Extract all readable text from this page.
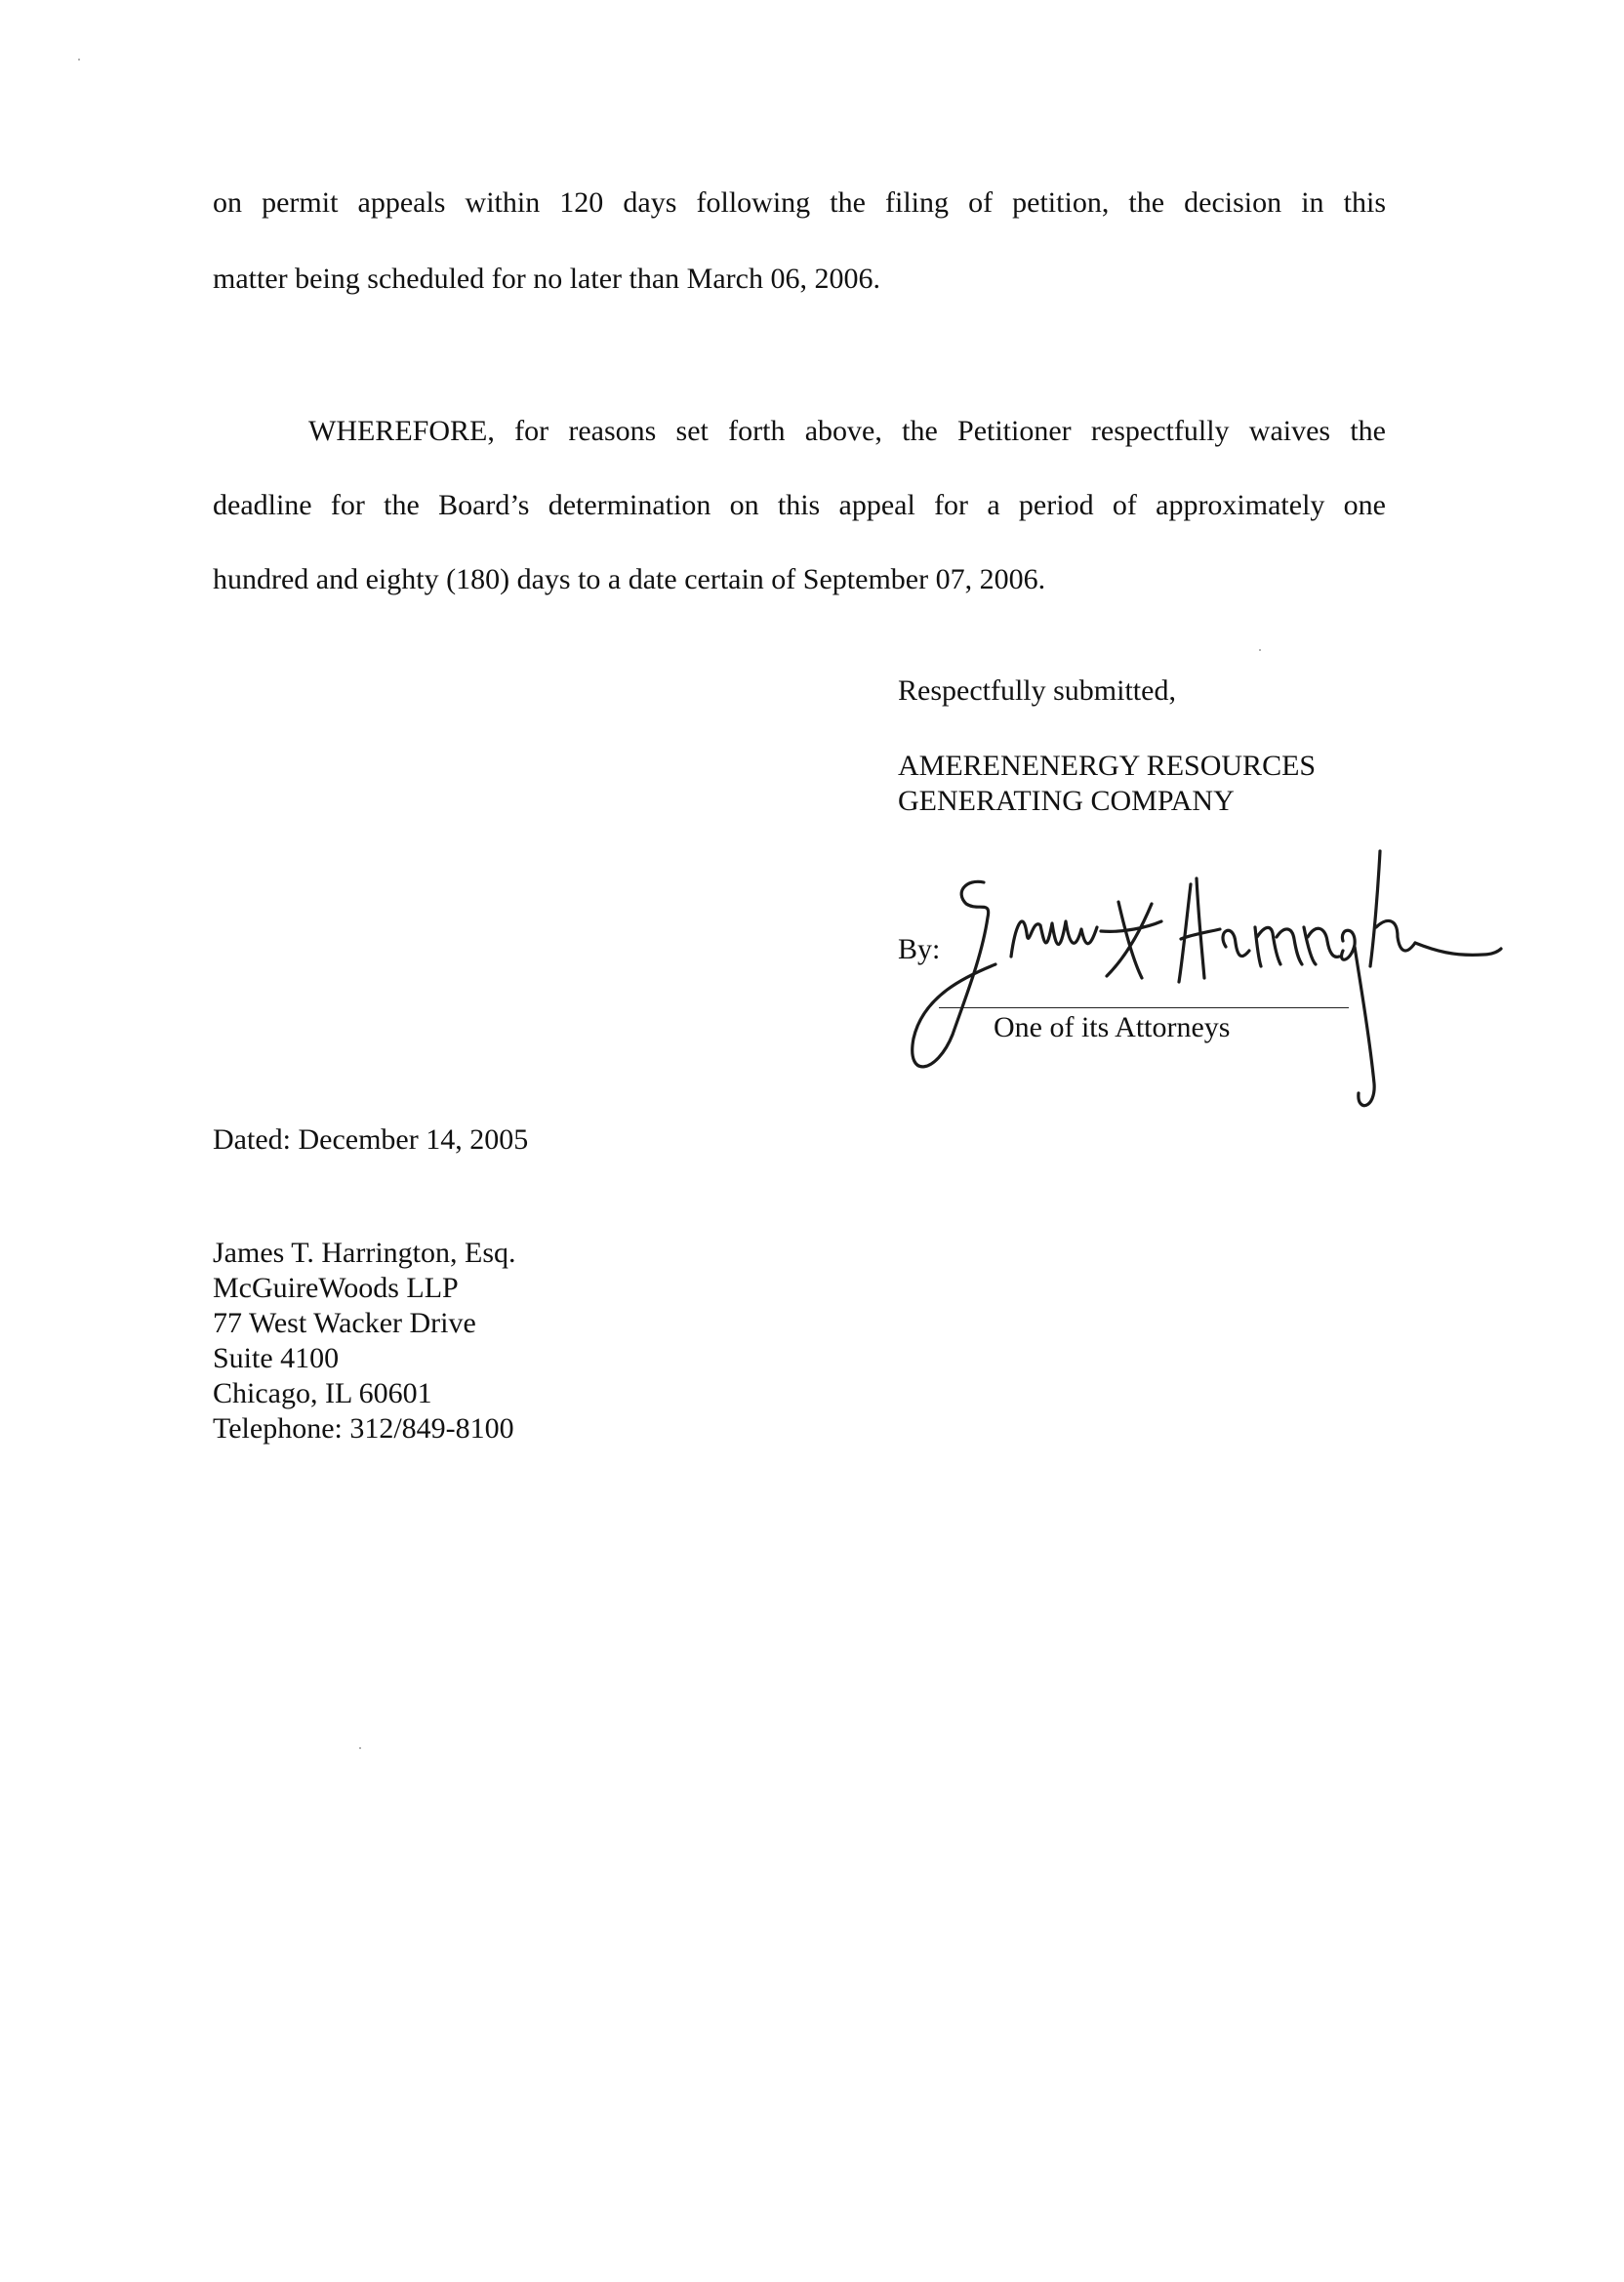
on permit appeals within 120 days following the filing of petition, the decision in this
matter being scheduled for no later than March 06, 2006.
WHEREFORE, for reasons set forth above, the Petitioner respectfully waives the
deadline for the Board’s determination on this appeal for a period of approximately one
hundred and eighty (180) days to a date certain of September 07, 2006.
Respectfully submitted,
AMERENENERGY RESOURCES
GENERATING COMPANY
By:
One of its Attorneys
Dated: December 14, 2005
James T. Harrington, Esq.
McGuireWoods LLP
77 West Wacker Drive
Suite 4100
Chicago, IL 60601
Telephone: 312/849-8100
